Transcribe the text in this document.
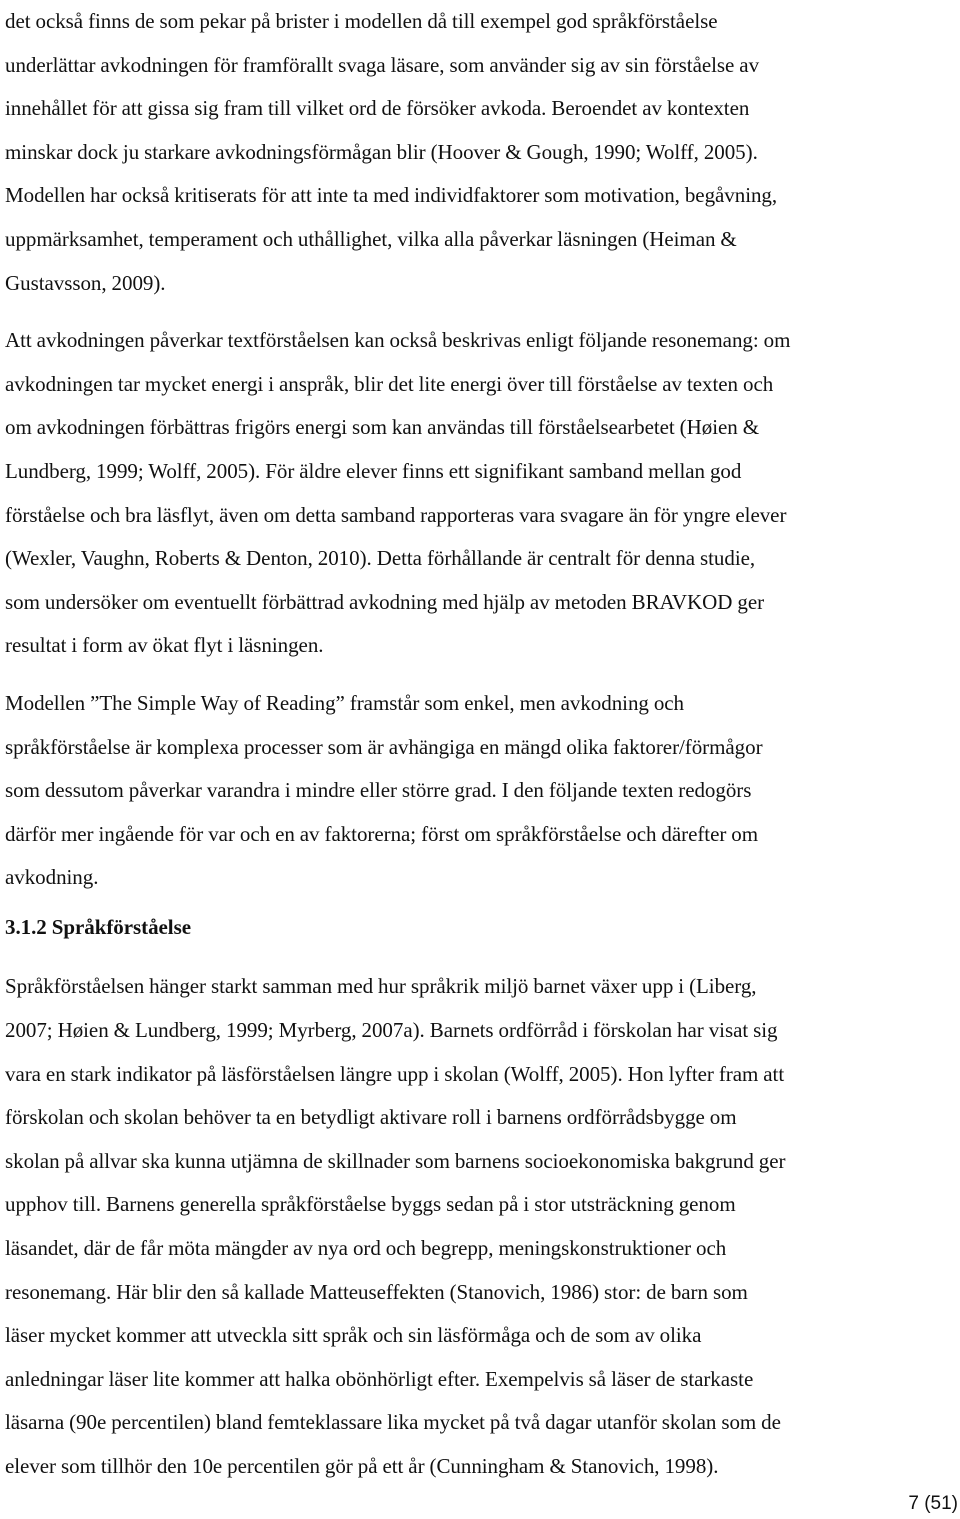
det också finns de som pekar på brister i modellen då till exempel god språkförståelse
underlättar avkodningen för framförallt svaga läsare, som använder sig av sin förståelse av
innehållet för att gissa sig fram till vilket ord de försöker avkoda. Beroendet av kontexten
minskar dock ju starkare avkodningsförmågan blir (Hoover & Gough, 1990; Wolff, 2005).
Modellen har också kritiserats för att inte ta med individfaktorer som motivation, begåvning,
uppmärksamhet, temperament och uthållighet, vilka alla påverkar läsningen (Heiman &
Gustavsson, 2009).
Att avkodningen påverkar textförståelsen kan också beskrivas enligt följande resonemang: om
avkodningen tar mycket energi i anspråk, blir det lite energi över till förståelse av texten och
om avkodningen förbättras frigörs energi som kan användas till förståelsearbetet (Høien &
Lundberg, 1999; Wolff, 2005). För äldre elever finns ett signifikant samband mellan god
förståelse och bra läsflyt, även om detta samband rapporteras vara svagare än för yngre elever
(Wexler, Vaughn, Roberts & Denton, 2010). Detta förhållande är centralt för denna studie,
som undersöker om eventuellt förbättrad avkodning med hjälp av metoden BRAVKOD ger
resultat i form av ökat flyt i läsningen.
Modellen ”The Simple Way of Reading” framstår som enkel, men avkodning och
språkförståelse är komplexa processer som är avhängiga en mängd olika faktorer/förmågor
som dessutom påverkar varandra i mindre eller större grad. I den följande texten redogörs
därför mer ingående för var och en av faktorerna; först om språkförståelse och därefter om
avkodning.
3.1.2 Språkförståelse
Språkförståelsen hänger starkt samman med hur språkrik miljö barnet växer upp i (Liberg,
2007; Høien & Lundberg, 1999; Myrberg, 2007a). Barnets ordförråd i förskolan har visat sig
vara en stark indikator på läsförståelsen längre upp i skolan (Wolff, 2005). Hon lyfter fram att
förskolan och skolan behöver ta en betydligt aktivare roll i barnens ordförrådsbygge om
skolan på allvar ska kunna utjämna de skillnader som barnens socioekonomiska bakgrund ger
upphov till. Barnens generella språkförståelse byggs sedan på i stor utsträckning genom
läsandet, där de får möta mängder av nya ord och begrepp, meningskonstruktioner och
resonemang. Här blir den så kallade Matteuseffekten (Stanovich, 1986) stor: de barn som
läser mycket kommer att utveckla sitt språk och sin läsförmåga och de som av olika
anledningar läser lite kommer att halka obönhörligt efter. Exempelvis så läser de starkaste
läsarna (90e percentilen) bland femteklassare lika mycket på två dagar utanför skolan som de
elever som tillhör den 10e percentilen gör på ett år (Cunningham & Stanovich, 1998).
7 (51)
